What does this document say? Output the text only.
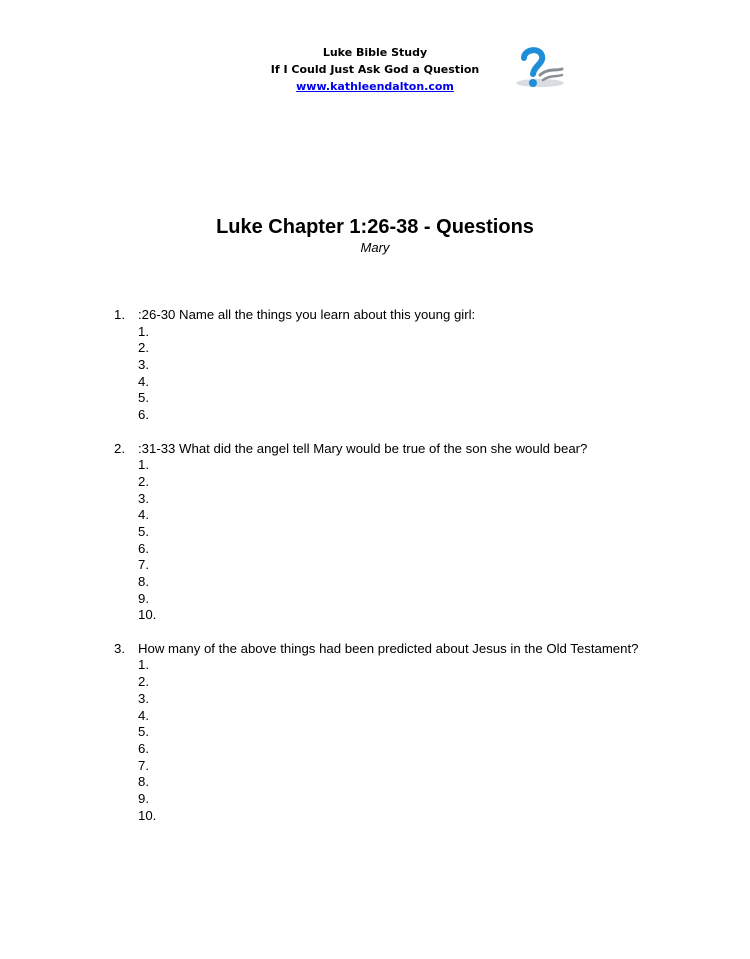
Luke Bible Study
If I Could Just Ask God a Question
www.kathleendalton.com
Luke Chapter 1:26-38 - Questions
Mary
1. :26-30 Name all the things you learn about this young girl:
1.
2.
3.
4.
5.
6.
2. :31-33 What did the angel tell Mary would be true of the son she would bear?
1.
2.
3.
4.
5.
6.
7.
8.
9.
10.
3. How many of the above things had been predicted about Jesus in the Old Testament?
1.
2.
3.
4.
5.
6.
7.
8.
9.
10.
